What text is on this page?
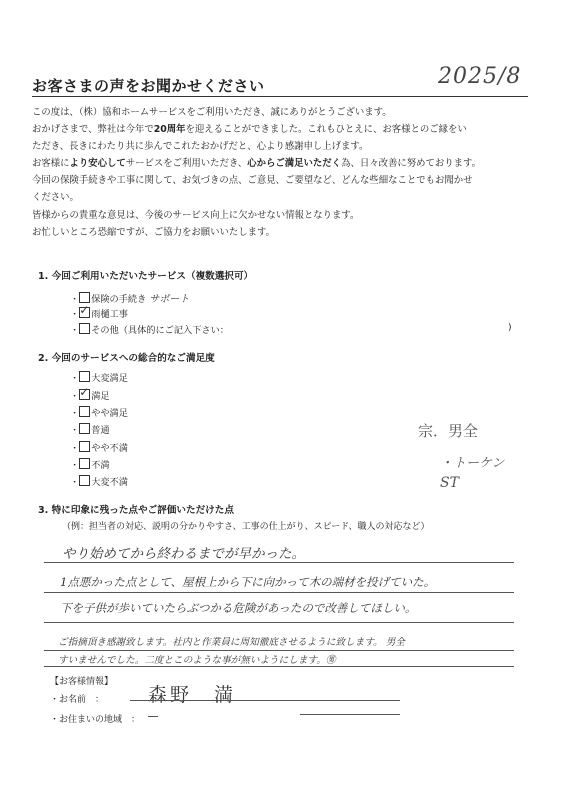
お客さまの声をお聞かせください	2025/8

この度は、（株）協和ホームサービスをご利用いただき、誠にありがとうございます。

おかげさまで、弊社は今年で20周年を迎えることができました。これもひとえに、お客様とのご縁をい

ただき、長きにわたり共に歩んでこれたおかげだと、心より感謝申し上げます。

お客様により安心してサービスをご利用いただき、心からご満足いただく為、日々改善に努めております。

今回の保険手続きや工事に関して、お気づきの点、ご意見、ご要望など、どんな些細なことでもお聞かせ

ください。

皆様からの貴重な意見は、今後のサービス向上に欠かせない情報となります。

お忙しいところ恐縮ですが、ご協力をお願いいたします。

1. 今回ご利用いただいたサービス（複数選択可）
・ 保険の手続き サポート
・ ✓ 雨樋工事
・ その他（具体的にご記入下さい：	)
2. 今回のサービスへの総合的なご満足度
・ 大変満足
・ ✓ 満足
・ やや満足
・ 普通
・ やや不満
・ 不満
・ 大変不満
宗．男全
・トーケン
ST
3. 特に印象に残った点やご評価いただけた点
（例：担当者の対応、説明の分かりやすさ、工事の仕上がり、スピード、職人の対応など）
やり始めてから終わるまでが早かった。
1点悪かった点として、屋根上から下に向かって木の端材を投げていた。
下を子供が歩いていたらぶつかる危険があったので改善してほしい。
ご指摘頂き感謝致します。社内と作業員に周知徹底させるように致します。 男全
すいませんでした。二度とこのような事が無いようにします。㊚
【お客様情報】
・お名前　： 森野　満
・お住まいの地域　：
